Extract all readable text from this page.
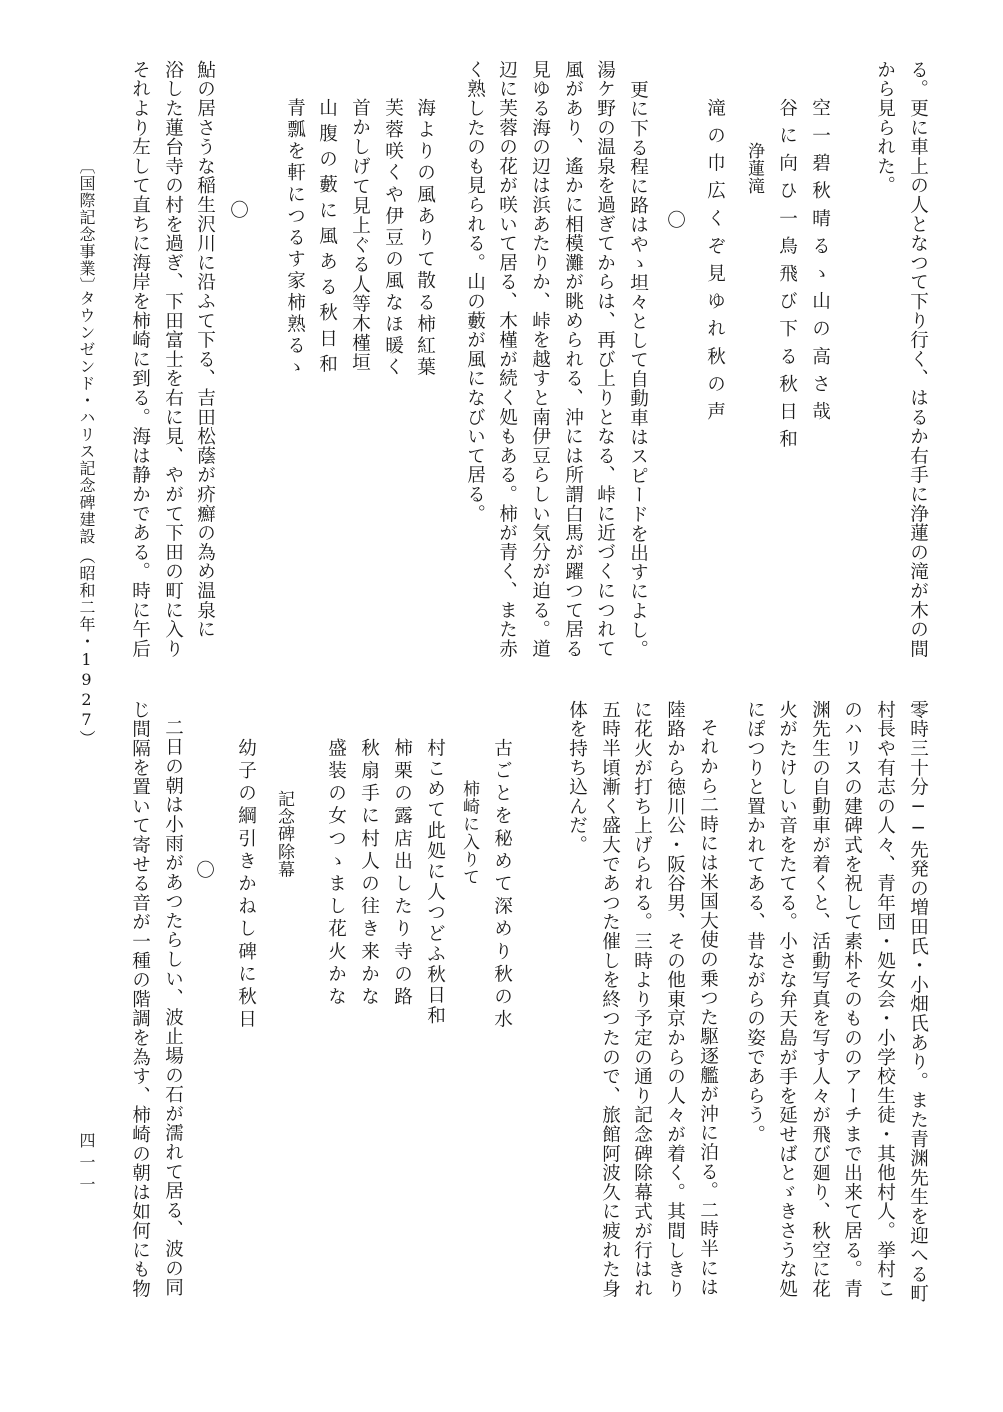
る。更に車上の人となつて下り行く、はるか右手に浄蓮の滝が木の間
から見られた。
空一碧秋晴るゝ山の高さ哉
谷に向ひ一鳥飛び下る秋日和
浄蓮滝
滝の巾広くぞ見ゆれ秋の声
〇
更に下る程に路はやゝ坦々として自動車はスピードを出すによし。
湯ケ野の温泉を過ぎてからは、再び上りとなる、峠に近づくにつれて
風があり、遙かに相模灘が眺められる、沖には所謂白馬が躍つて居る
見ゆる海の辺は浜あたりか、峠を越すと南伊豆らしい気分が迫る。道
辺に芙蓉の花が咲いて居る、木槿が続く処もある。柿が青く、また赤
く熟したのも見られる。山の藪が風になびいて居る。
海よりの風ありて散る柿紅葉
芙蓉咲くや伊豆の風なほ暖く
首かしげて見上ぐる人等木槿垣
山腹の藪に風ある秋日和
青瓢を軒につるす家柿熟るゝ
〇
鮎の居さうな稲生沢川に沿ふて下る、吉田松蔭が疥癬の為め温泉に
浴した蓮台寺の村を過ぎ、下田富士を右に見、やがて下田の町に入り
それより左して直ちに海岸を柿崎に到る。海は静かである。時に午后
零時三十分──先発の増田氏・小畑氏あり。また青渊先生を迎へる町
村長や有志の人々、青年団・処女会・小学校生徒・其他村人。挙村こ
のハリスの建碑式を祝して素朴そのもののアーチまで出来て居る。青
渊先生の自動車が着くと、活動写真を写す人々が飛び廻り、秋空に花
火がたけしい音をたてる。小さな弁天島が手を延せばとゞきさうな処
にぽつりと置かれてある、昔ながらの姿であらう。
それから二時には米国大使の乗つた駆逐艦が沖に泊る。二時半には
陸路から徳川公・阪谷男、その他東京からの人々が着く。其間しきり
に花火が打ち上げられる。三時より予定の通り記念碑除幕式が行はれ
五時半頃漸く盛大であつた催しを終つたので、旅館阿波久に疲れた身
体を持ち込んだ。
古ごとを秘めて深めり秋の水
柿崎に入りて
村こめて此処に人つどふ秋日和
柿栗の露店出したり寺の路
秋扇手に村人の往き来かな
盛装の女つゝまし花火かな
記念碑除幕
幼子の綱引きかねし碑に秋日
〇
二日の朝は小雨があつたらしい、波止場の石が濡れて居る、波の同
じ間隔を置いて寄せる音が一種の階調を為す、柿崎の朝は如何にも物
〔国際記念事業〕
タウンゼンド・ハリス記念碑建設
（昭和二年・1927）
四一一
